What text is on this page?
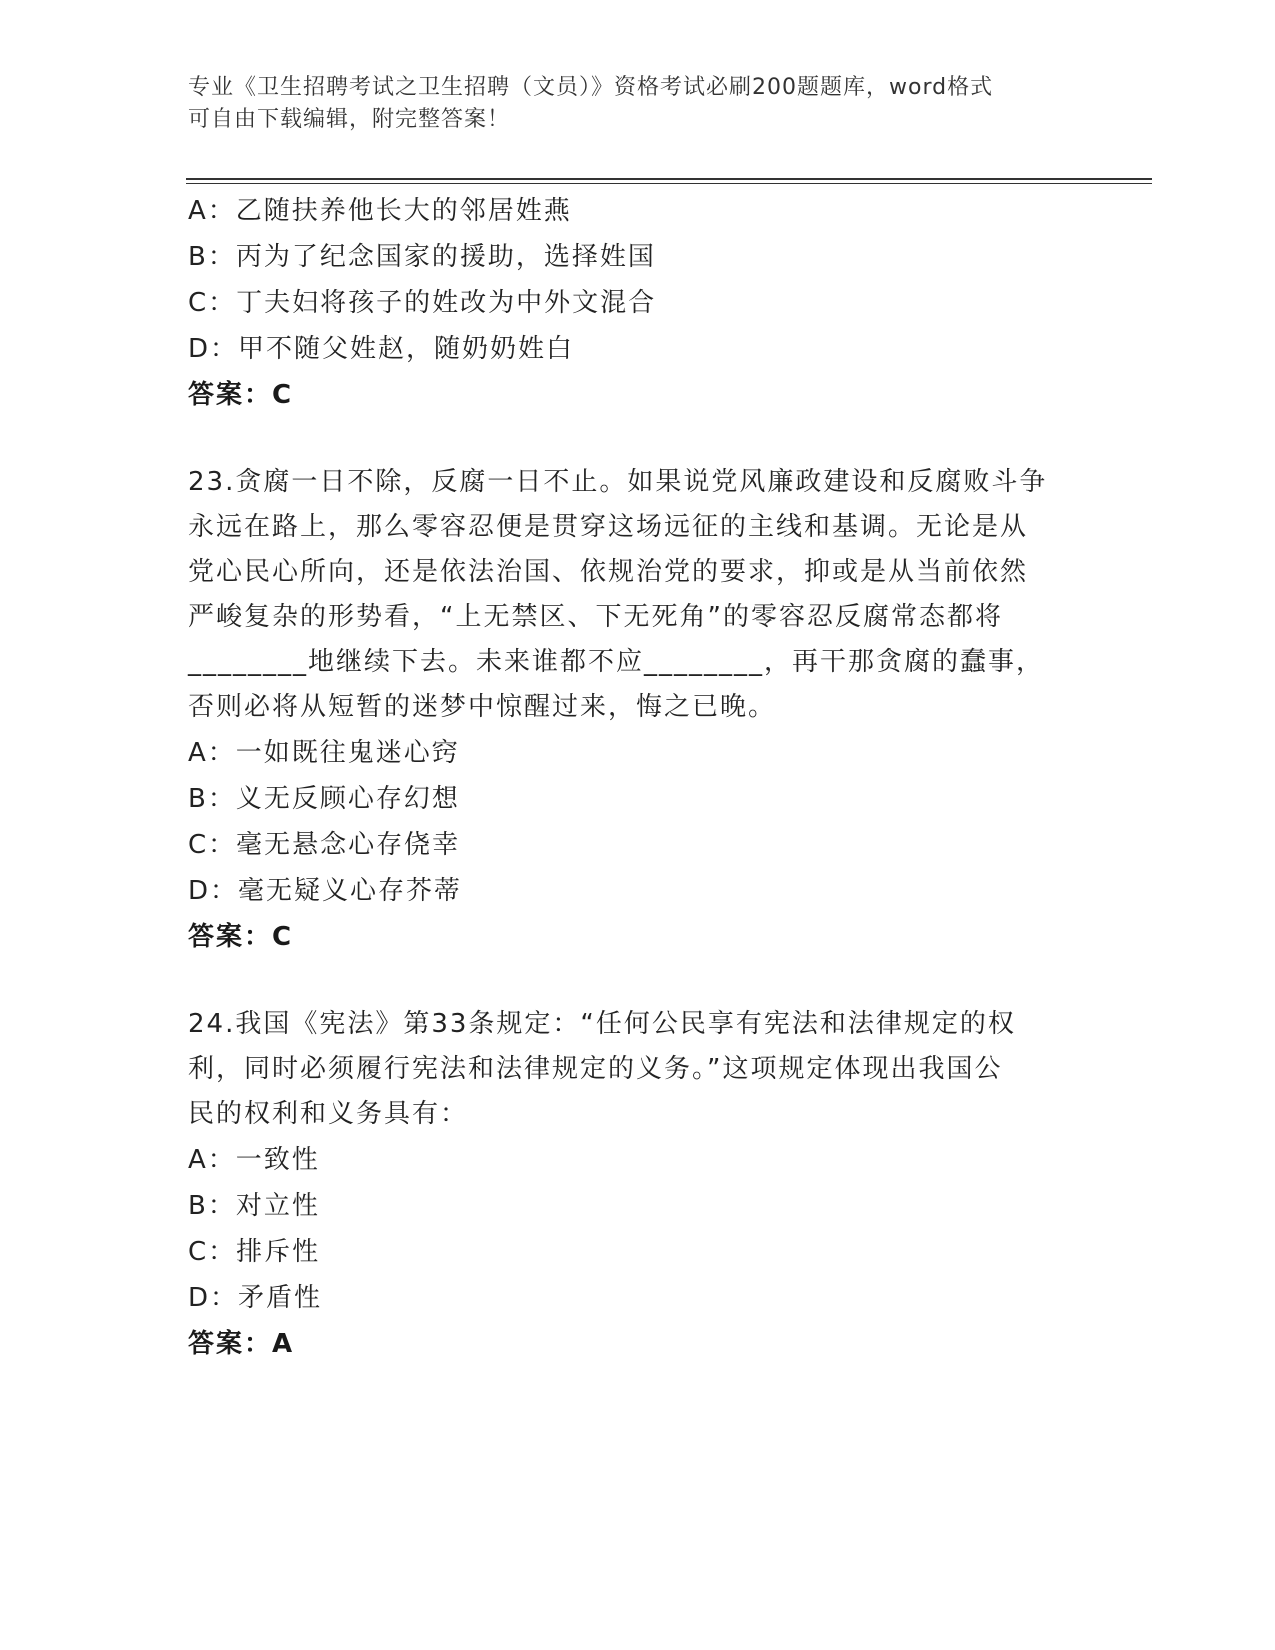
专业《卫生招聘考试之卫生招聘（文员）》资格考试必刷200题题库，word格式
可自由下载编辑，附完整答案！
A：乙随扶养他长大的邻居姓燕
B：丙为了纪念国家的援助，选择姓国
C：丁夫妇将孩子的姓改为中外文混合
D：甲不随父姓赵，随奶奶姓白
答案：C
23.贪腐一日不除，反腐一日不止。如果说党风廉政建设和反腐败斗争
永远在路上，那么零容忍便是贯穿这场远征的主线和基调。无论是从
党心民心所向，还是依法治国、依规治党的要求，抑或是从当前依然
严峻复杂的形势看，“上无禁区、下无死角”的零容忍反腐常态都将
________地继续下去。未来谁都不应________，再干那贪腐的蠢事，
否则必将从短暂的迷梦中惊醒过来，悔之已晚。
A：一如既往鬼迷心窍
B：义无反顾心存幻想
C：毫无悬念心存侥幸
D：毫无疑义心存芥蒂
答案：C
24.我国《宪法》第33条规定：“任何公民享有宪法和法律规定的权
利，同时必须履行宪法和法律规定的义务。”这项规定体现出我国公
民的权利和义务具有：
A：一致性
B：对立性
C：排斥性
D：矛盾性
答案：A
